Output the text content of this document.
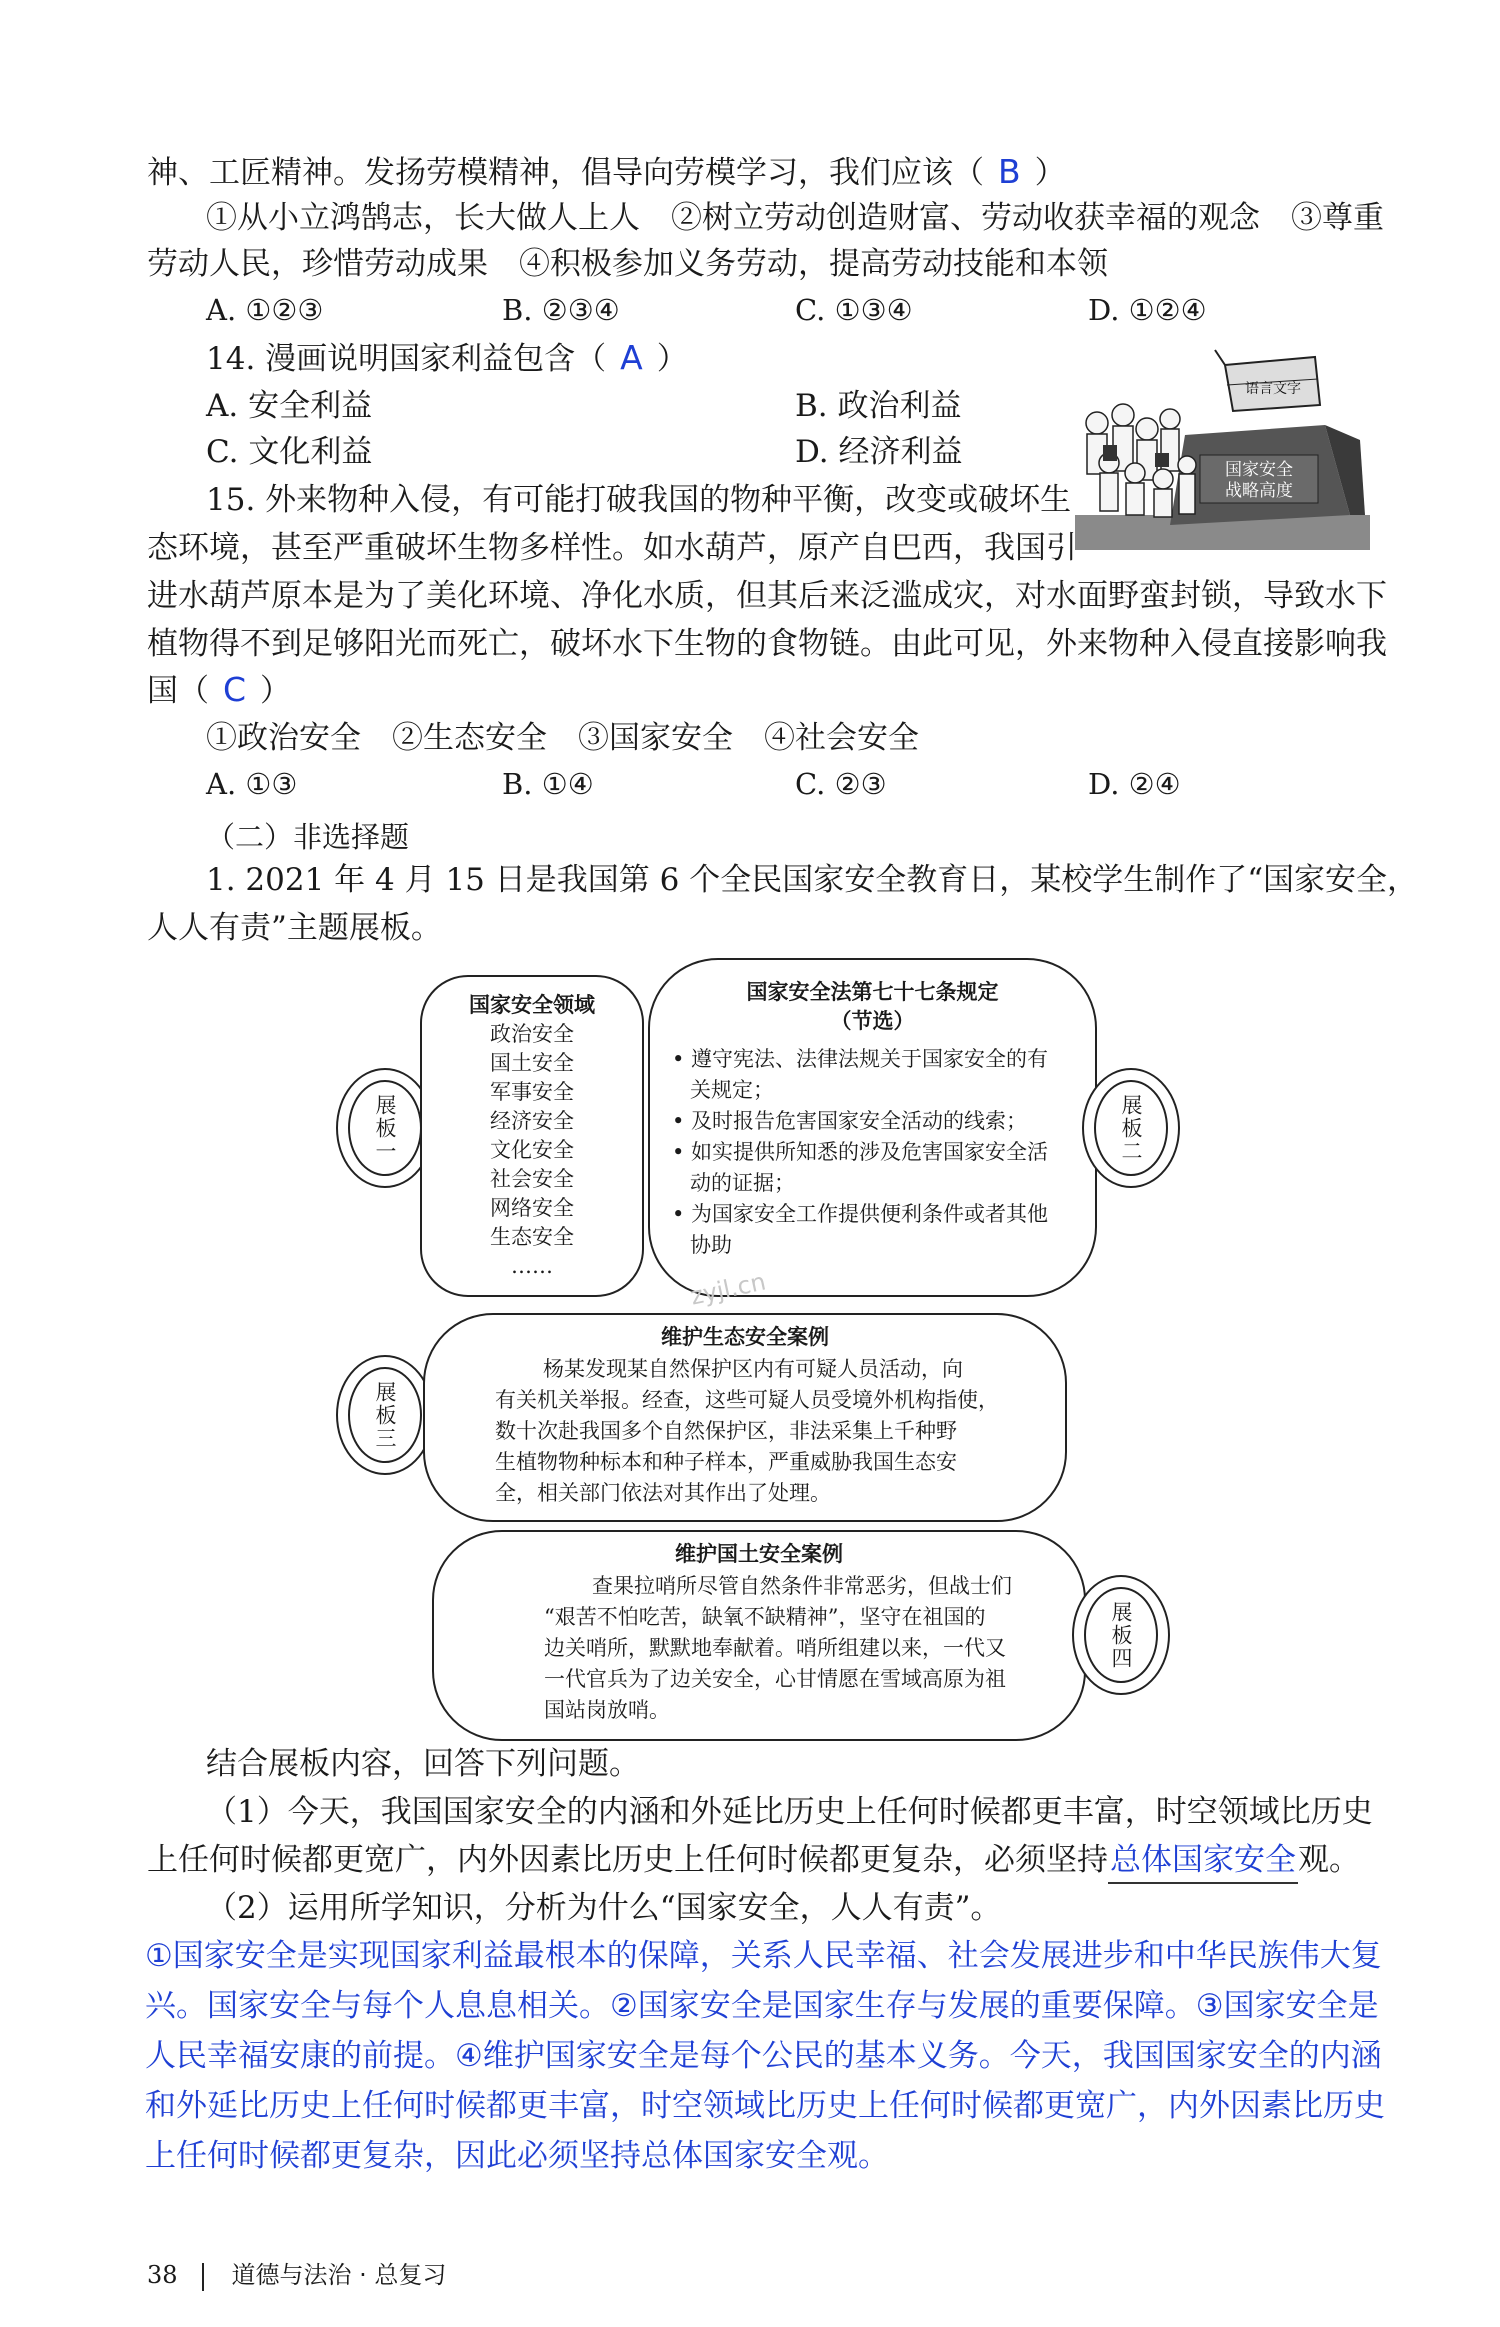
神、工匠精神。发扬劳模精神，倡导向劳模学习，我们应该（ B ）
①从小立鸿鹄志，长大做人上人　②树立劳动创造财富、劳动收获幸福的观念　③尊重
劳动人民，珍惜劳动成果　④积极参加义务劳动，提高劳动技能和本领
A. ①②③	B. ②③④	C. ①③④	D. ①②④
14. 漫画说明国家利益包含（ A ）
A. 安全利益	B. 政治利益
C. 文化利益	D. 经济利益	国家安全
战略高度
语言文字
15. 外来物种入侵，有可能打破我国的物种平衡，改变或破坏生
态环境，甚至严重破坏生物多样性。如水葫芦，原产自巴西，我国引
进水葫芦原本是为了美化环境、净化水质，但其后来泛滥成灾，对水面野蛮封锁，导致水下
植物得不到足够阳光而死亡，破坏水下生物的食物链。由此可见，外来物种入侵直接影响我
国（ C ）
①政治安全　②生态安全　③国家安全　④社会安全
A. ①③	B. ①④	C. ②③	D. ②④
（二）非选择题
1. 2021 年 4 月 15 日是我国第 6 个全民国家安全教育日，某校学生制作了“国家安全，
人人有责”主题展板。
展板一
国家安全领域
政治安全
国土安全
军事安全
经济安全
文化安全
社会安全
网络安全
生态安全
……
国家安全法第七十七条规定
（节选）
• 遵守宪法、法律法规关于国家安全的有关规定；
• 及时报告危害国家安全活动的线索；
• 如实提供所知悉的涉及危害国家安全活动的证据；
• 为国家安全工作提供便利条件或者其他协助
展板二
zyjl.cn
展板三
维护生态安全案例
杨某发现某自然保护区内有可疑人员活动，向
有关机关举报。经查，这些可疑人员受境外机构指使，
数十次赴我国多个自然保护区，非法采集上千种野
生植物物种标本和种子样本，严重威胁我国生态安
全，相关部门依法对其作出了处理。
维护国土安全案例
查果拉哨所尽管自然条件非常恶劣，但战士们
“艰苦不怕吃苦，缺氧不缺精神”，坚守在祖国的
边关哨所，默默地奉献着。哨所组建以来，一代又
一代官兵为了边关安全，心甘情愿在雪域高原为祖
国站岗放哨。
展板四
结合展板内容，回答下列问题。
（1）今天，我国国家安全的内涵和外延比历史上任何时候都更丰富，时空领域比历史
上任何时候都更宽广，内外因素比历史上任何时候都更复杂，必须坚持总体国家安全观。
（2）运用所学知识，分析为什么“国家安全，人人有责”。
①国家安全是实现国家利益最根本的保障，关系人民幸福、社会发展进步和中华民族伟大复
兴。国家安全与每个人息息相关。②国家安全是国家生存与发展的重要保障。③国家安全是
人民幸福安康的前提。④维护国家安全是每个公民的基本义务。今天，我国国家安全的内涵
和外延比历史上任何时候都更丰富，时空领域比历史上任何时候都更宽广，内外因素比历史
上任何时候都更复杂，因此必须坚持总体国家安全观。
38 道德与法治 · 总复习
